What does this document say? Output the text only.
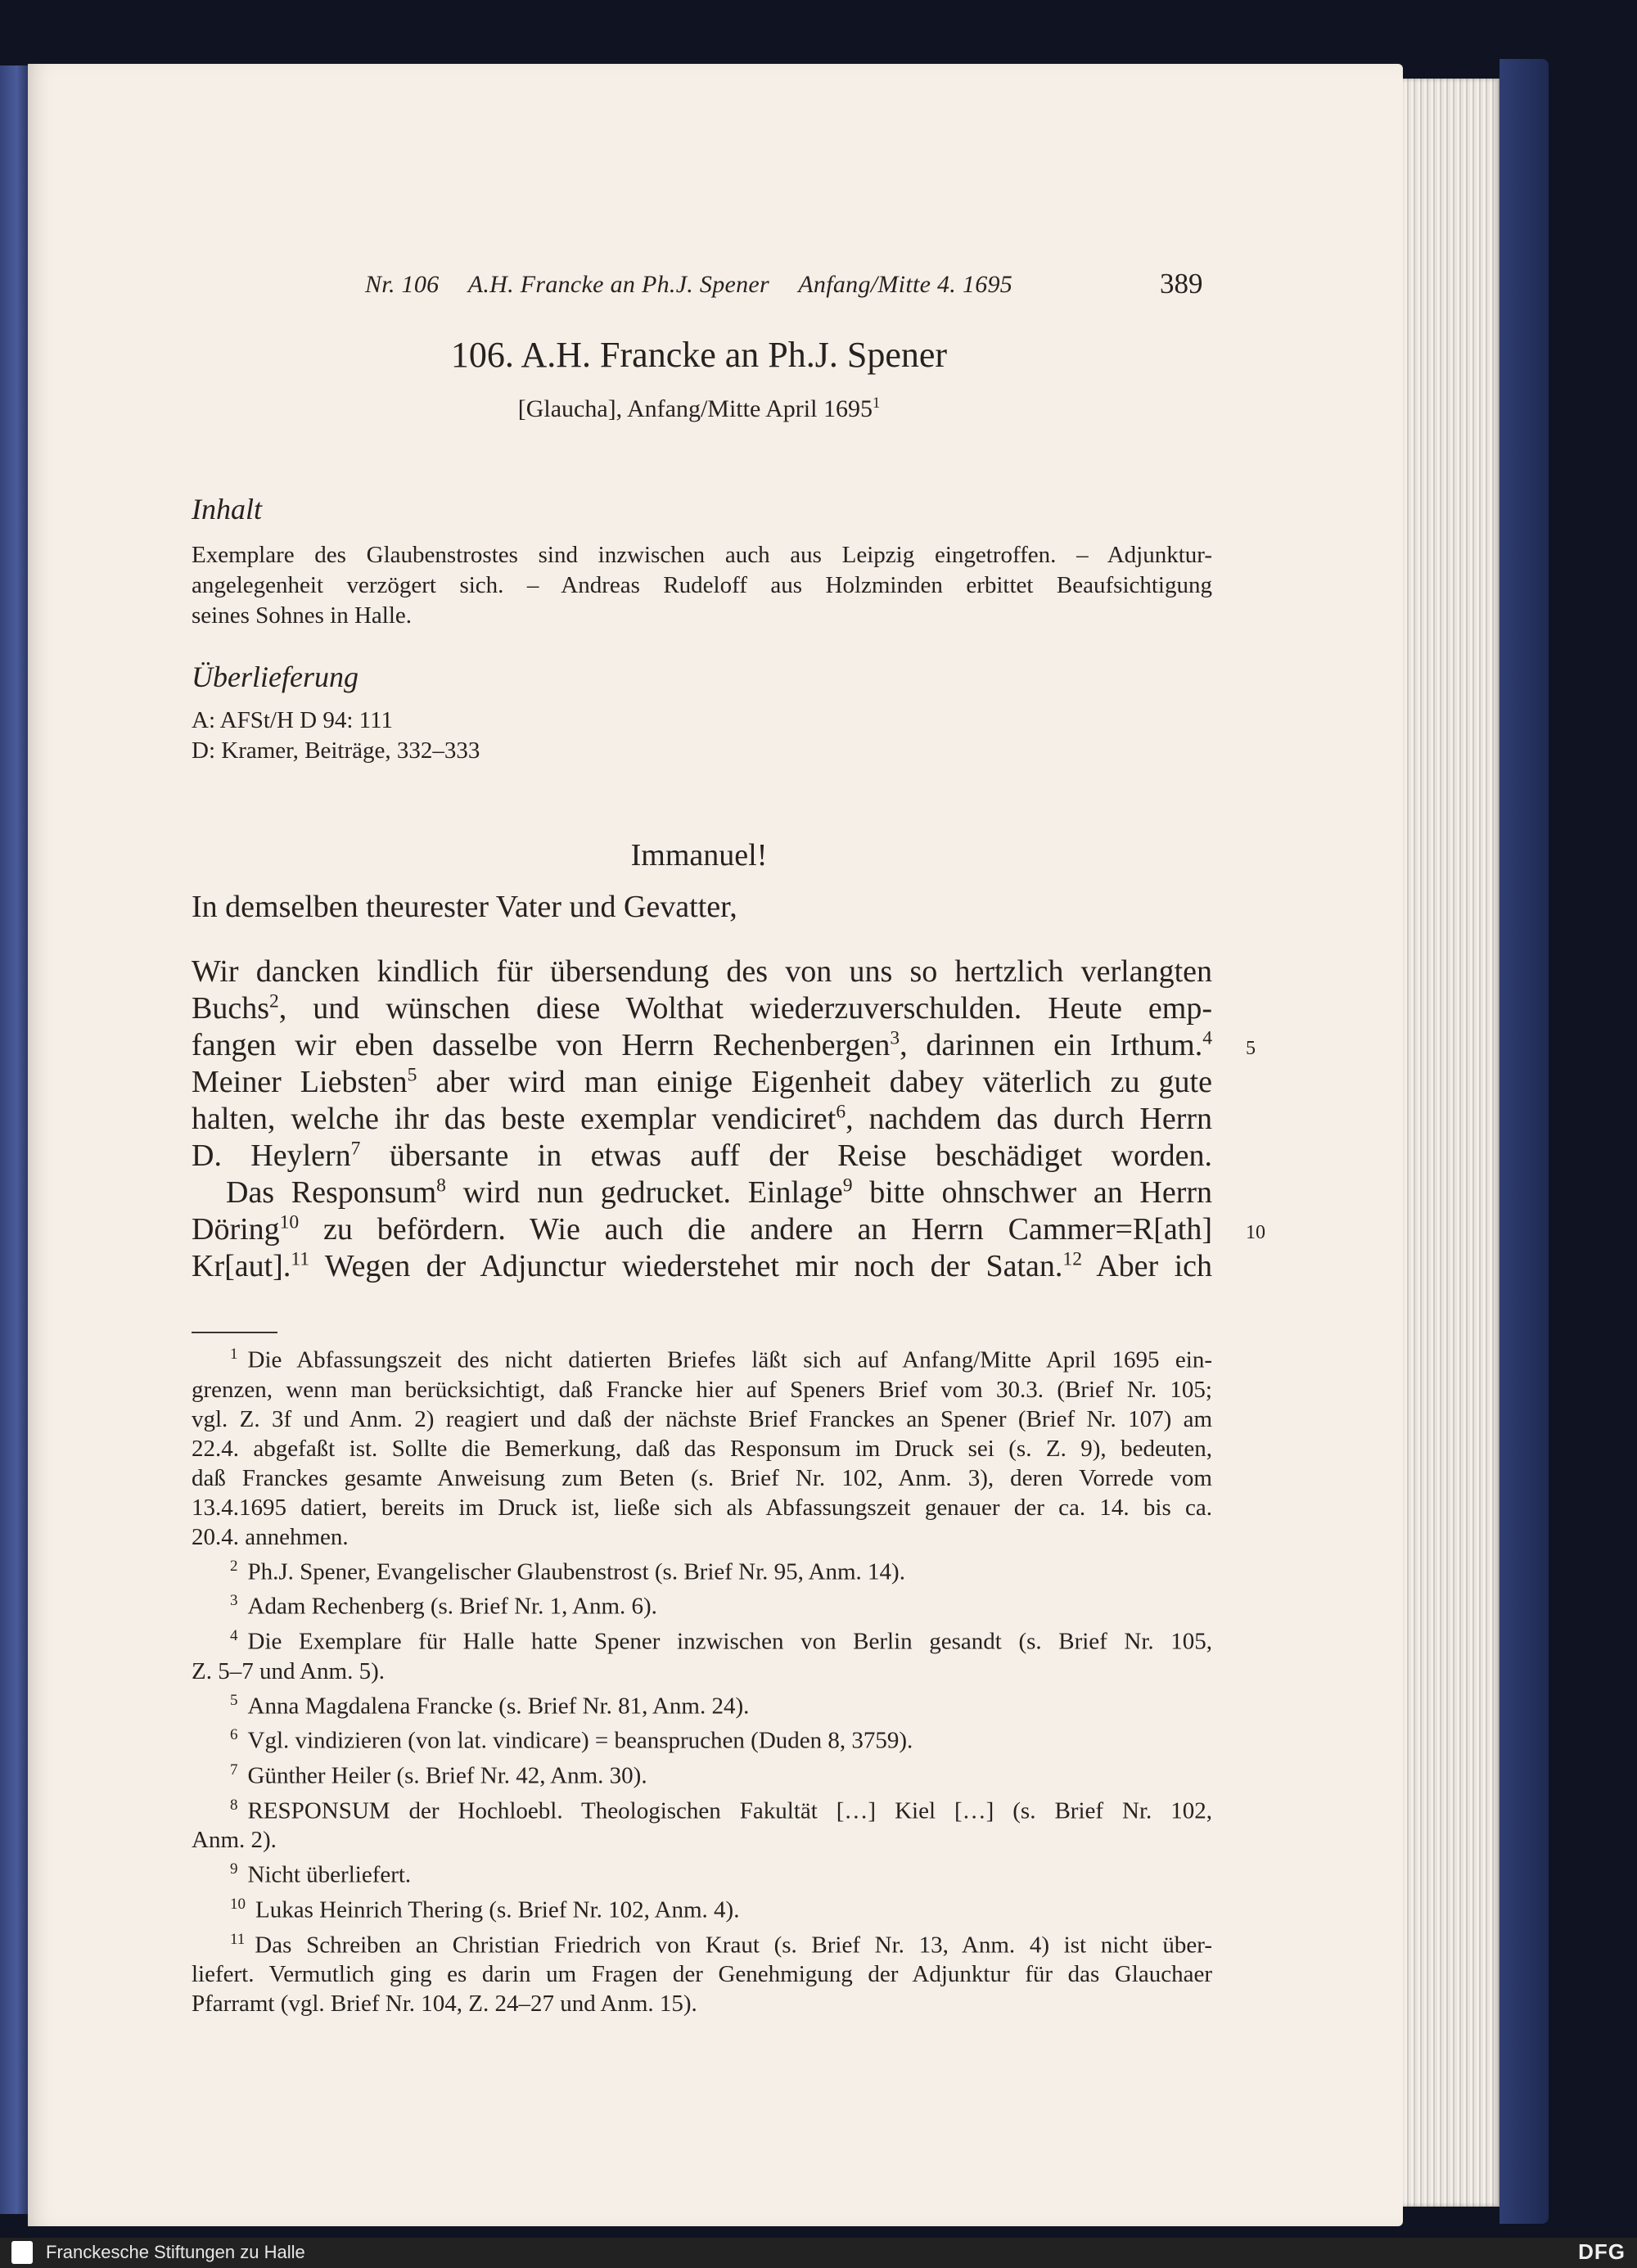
Nr. 106 A.H. Francke an Ph.J. Spener Anfang/Mitte 4. 1695	389
106. A.H. Francke an Ph.J. Spener
[Glaucha], Anfang/Mitte April 1695$^1$
Inhalt
Exemplare des Glaubenstrostes sind inzwischen auch aus Leipzig eingetroffen. – Adjunktur-
angelegenheit verzögert sich. – Andreas Rudeloff aus Holzminden erbittet Beaufsichtigung
seines Sohnes in Halle.
Überlieferung
A: AFSt/H D 94: 111
D: Kramer, Beiträge, 332–333
Immanuel!
In demselben theurester Vater und Gevatter,
Wir dancken kindlich für übersendung des von uns so hertzlich verlangten
Buchs$^2$, und wünschen diese Wolthat wiederzuverschulden. Heute emp-
fangen wir eben dasselbe von Herrn Rechenbergen$^3$, darinnen ein Irthum.$^4$
Meiner Liebsten$^5$ aber wird man einige Eigenheit dabey väterlich zu gute
halten, welche ihr das beste exemplar vendiciret$^6$, nachdem das durch Herrn
D. Heylern$^7$ übersante in etwas auff der Reise beschädiget worden.
Das Responsum$^8$ wird nun gedrucket. Einlage$^9$ bitte ohnschwer an Herrn
Döring$^{10}$ zu befördern. Wie auch die andere an Herrn Cammer=R[ath]
Kr[aut].$^{11}$ Wegen der Adjunctur wiederstehet mir noch der Satan.$^{12}$ Aber ich
5
10
$^1$ Die Abfassungszeit des nicht datierten Briefes läßt sich auf Anfang/Mitte April 1695 ein-
grenzen, wenn man berücksichtigt, daß Francke hier auf Speners Brief vom 30.3. (Brief Nr. 105;
vgl. Z. 3f und Anm. 2) reagiert und daß der nächste Brief Franckes an Spener (Brief Nr. 107) am
22.4. abgefaßt ist. Sollte die Bemerkung, daß das Responsum im Druck sei (s. Z. 9), bedeuten,
daß Franckes gesamte Anweisung zum Beten (s. Brief Nr. 102, Anm. 3), deren Vorrede vom
13.4.1695 datiert, bereits im Druck ist, ließe sich als Abfassungszeit genauer der ca. 14. bis ca.
20.4. annehmen.
$^2$ Ph.J. Spener, Evangelischer Glaubenstrost (s. Brief Nr. 95, Anm. 14).
$^3$ Adam Rechenberg (s. Brief Nr. 1, Anm. 6).
$^4$ Die Exemplare für Halle hatte Spener inzwischen von Berlin gesandt (s. Brief Nr. 105,
Z. 5–7 und Anm. 5).
$^5$ Anna Magdalena Francke (s. Brief Nr. 81, Anm. 24).
$^6$ Vgl. vindizieren (von lat. vindicare) = beanspruchen (Duden 8, 3759).
$^7$ Günther Heiler (s. Brief Nr. 42, Anm. 30).
$^8$ RESPONSUM der Hochloebl. Theologischen Fakultät […] Kiel […] (s. Brief Nr. 102,
Anm. 2).
$^9$ Nicht überliefert.
$^{10}$ Lukas Heinrich Thering (s. Brief Nr. 102, Anm. 4).
$^{11}$ Das Schreiben an Christian Friedrich von Kraut (s. Brief Nr. 13, Anm. 4) ist nicht über-
liefert. Vermutlich ging es darin um Fragen der Genehmigung der Adjunktur für das Glauchaer
Pfarramt (vgl. Brief Nr. 104, Z. 24–27 und Anm. 15).
Franckesche Stiftungen zu Halle	DFG
